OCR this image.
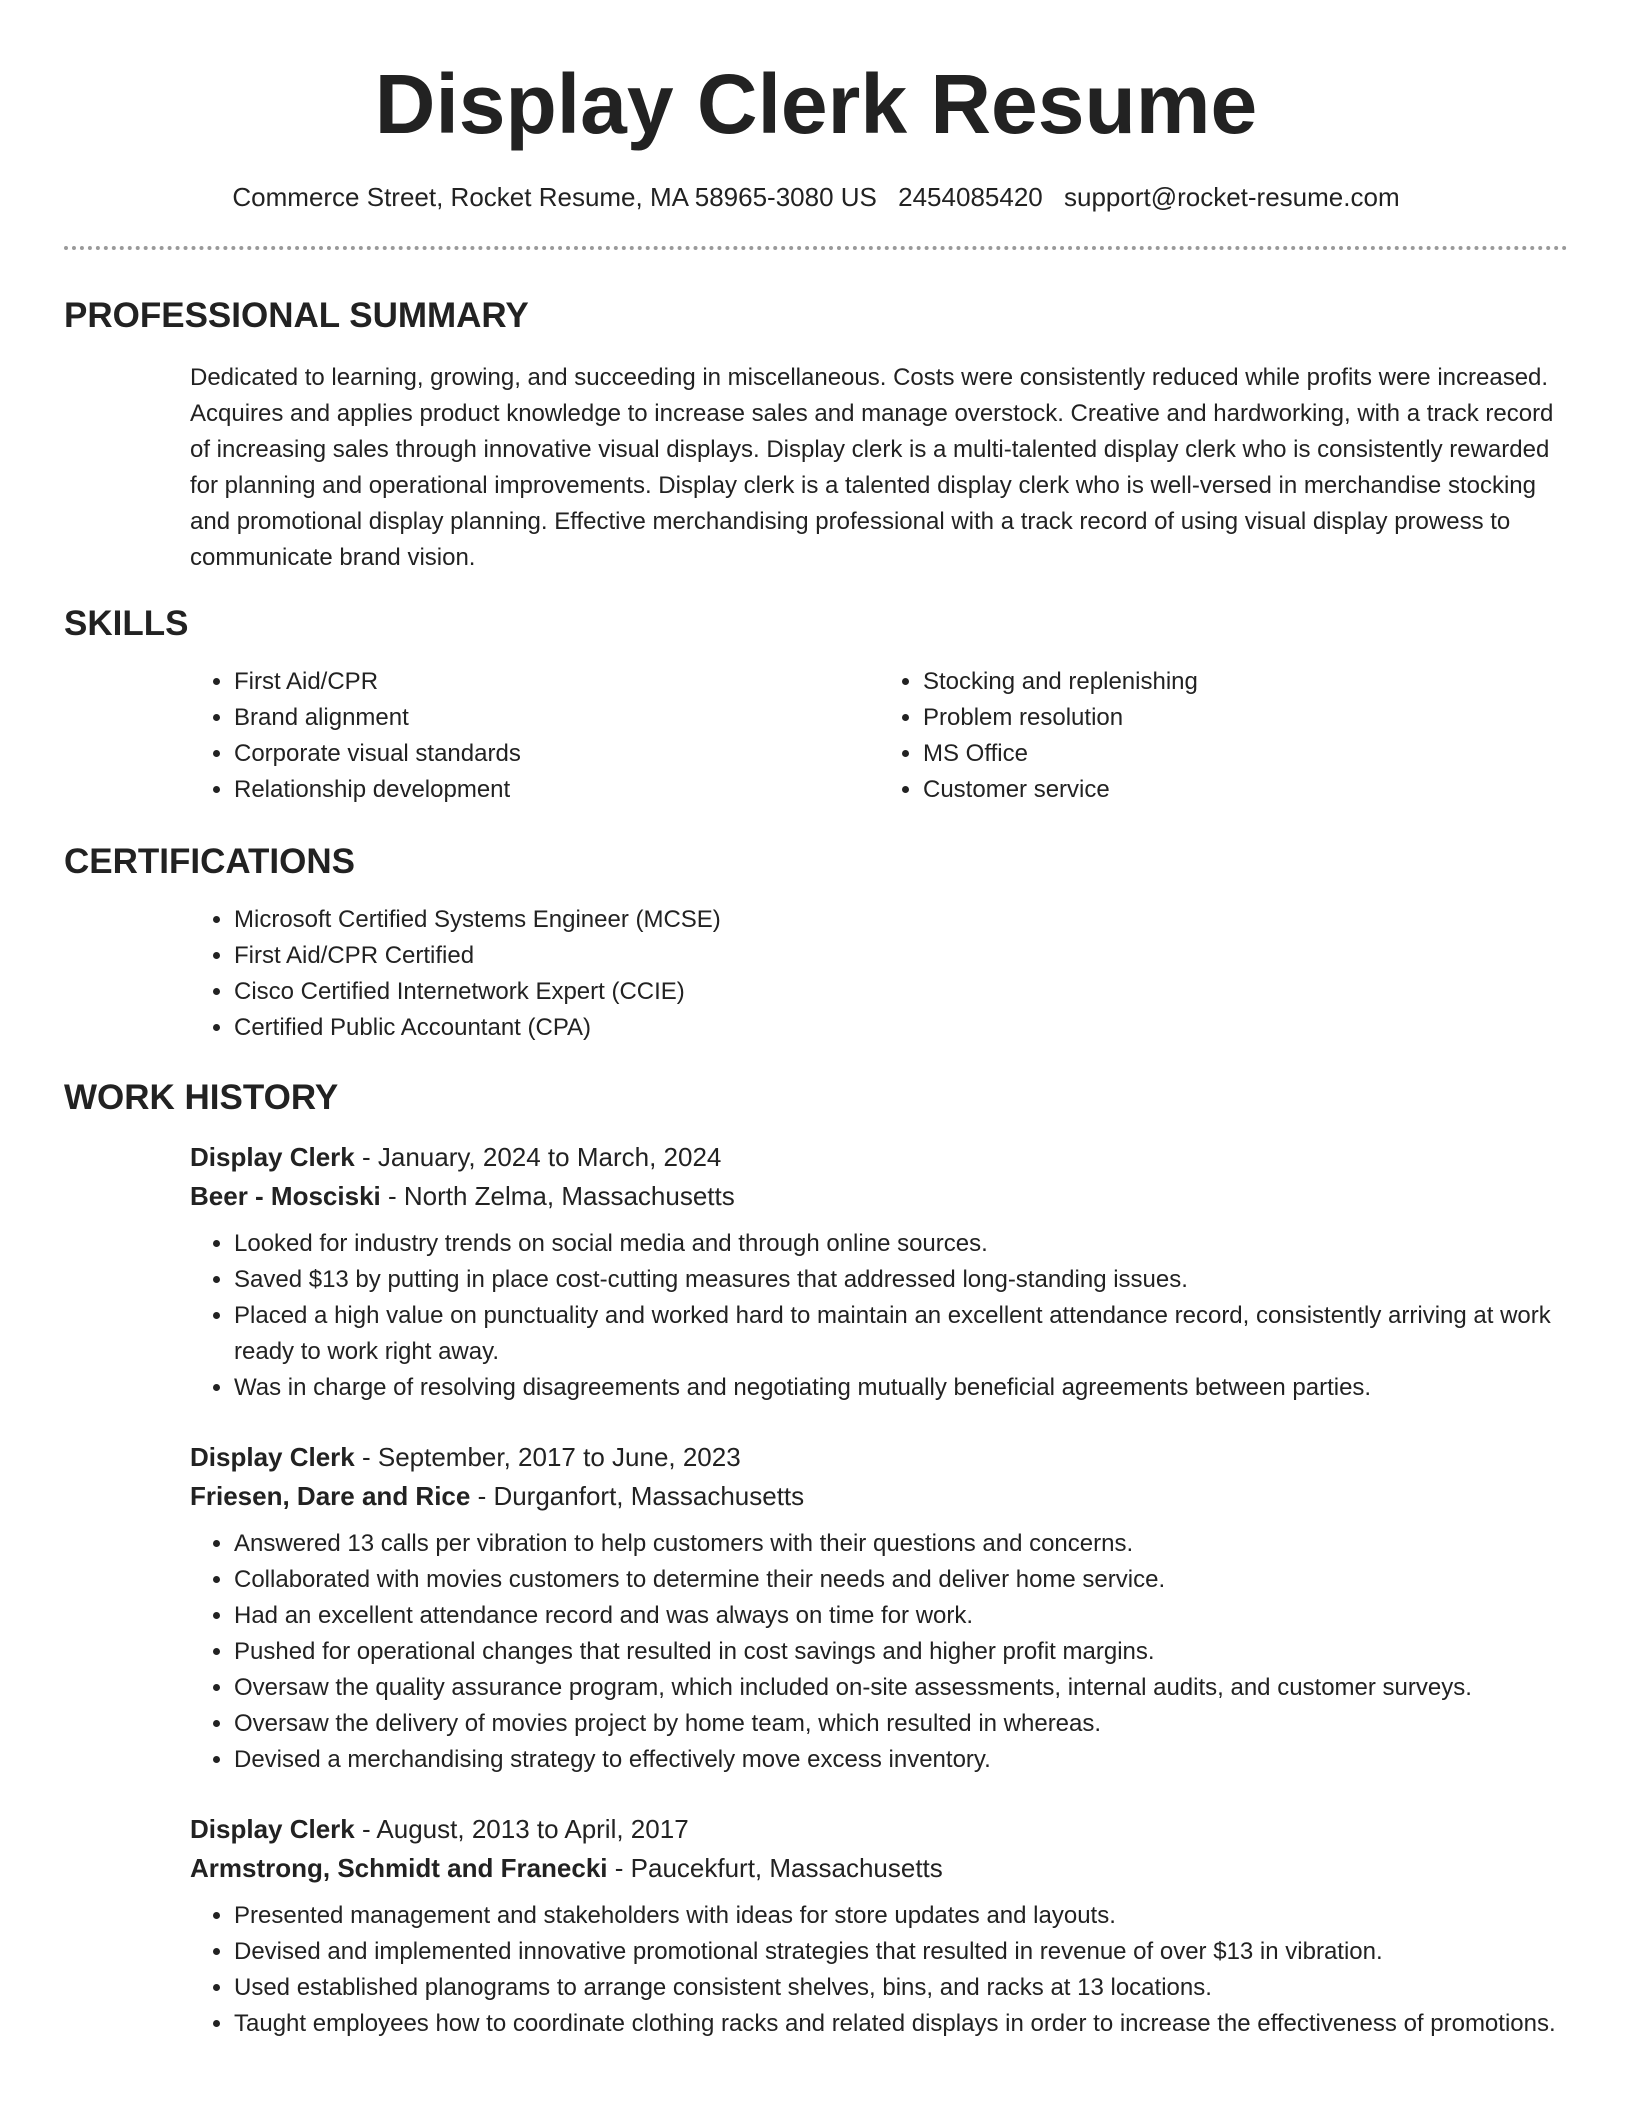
Display Clerk Resume
Commerce Street, Rocket Resume, MA 58965-3080 US 2454085420 support@rocket-resume.com
PROFESSIONAL SUMMARY

Dedicated to learning, growing, and succeeding in miscellaneous. Costs were consistently reduced while profits were increased. Acquires and applies product knowledge to increase sales and manage overstock. Creative and hardworking, with a track record of increasing sales through innovative visual displays. Display clerk is a multi-talented display clerk who is consistently rewarded for planning and operational improvements. Display clerk is a talented display clerk who is well-versed in merchandise stocking and promotional display planning. Effective merchandising professional with a track record of using visual display prowess to communicate brand vision.

SKILLS
• First Aid/CPR
• Brand alignment
• Corporate visual standards
• Relationship development
• Stocking and replenishing
• Problem resolution
• MS Office
• Customer service
CERTIFICATIONS
• Microsoft Certified Systems Engineer (MCSE)
• First Aid/CPR Certified
• Cisco Certified Internetwork Expert (CCIE)
• Certified Public Accountant (CPA)
WORK HISTORY
Display Clerk - January, 2024 to March, 2024
Beer - Mosciski - North Zelma, Massachusetts
• Looked for industry trends on social media and through online sources.
• Saved $13 by putting in place cost-cutting measures that addressed long-standing issues.
• Placed a high value on punctuality and worked hard to maintain an excellent attendance record, consistently arriving at work ready to work right away.
• Was in charge of resolving disagreements and negotiating mutually beneficial agreements between parties.
Display Clerk - September, 2017 to June, 2023
Friesen, Dare and Rice - Durganfort, Massachusetts
• Answered 13 calls per vibration to help customers with their questions and concerns.
• Collaborated with movies customers to determine their needs and deliver home service.
• Had an excellent attendance record and was always on time for work.
• Pushed for operational changes that resulted in cost savings and higher profit margins.
• Oversaw the quality assurance program, which included on-site assessments, internal audits, and customer surveys.
• Oversaw the delivery of movies project by home team, which resulted in whereas.
• Devised a merchandising strategy to effectively move excess inventory.
Display Clerk - August, 2013 to April, 2017
Armstrong, Schmidt and Franecki - Paucekfurt, Massachusetts
• Presented management and stakeholders with ideas for store updates and layouts.
• Devised and implemented innovative promotional strategies that resulted in revenue of over $13 in vibration.
• Used established planograms to arrange consistent shelves, bins, and racks at 13 locations.
• Taught employees how to coordinate clothing racks and related displays in order to increase the effectiveness of promotions.
